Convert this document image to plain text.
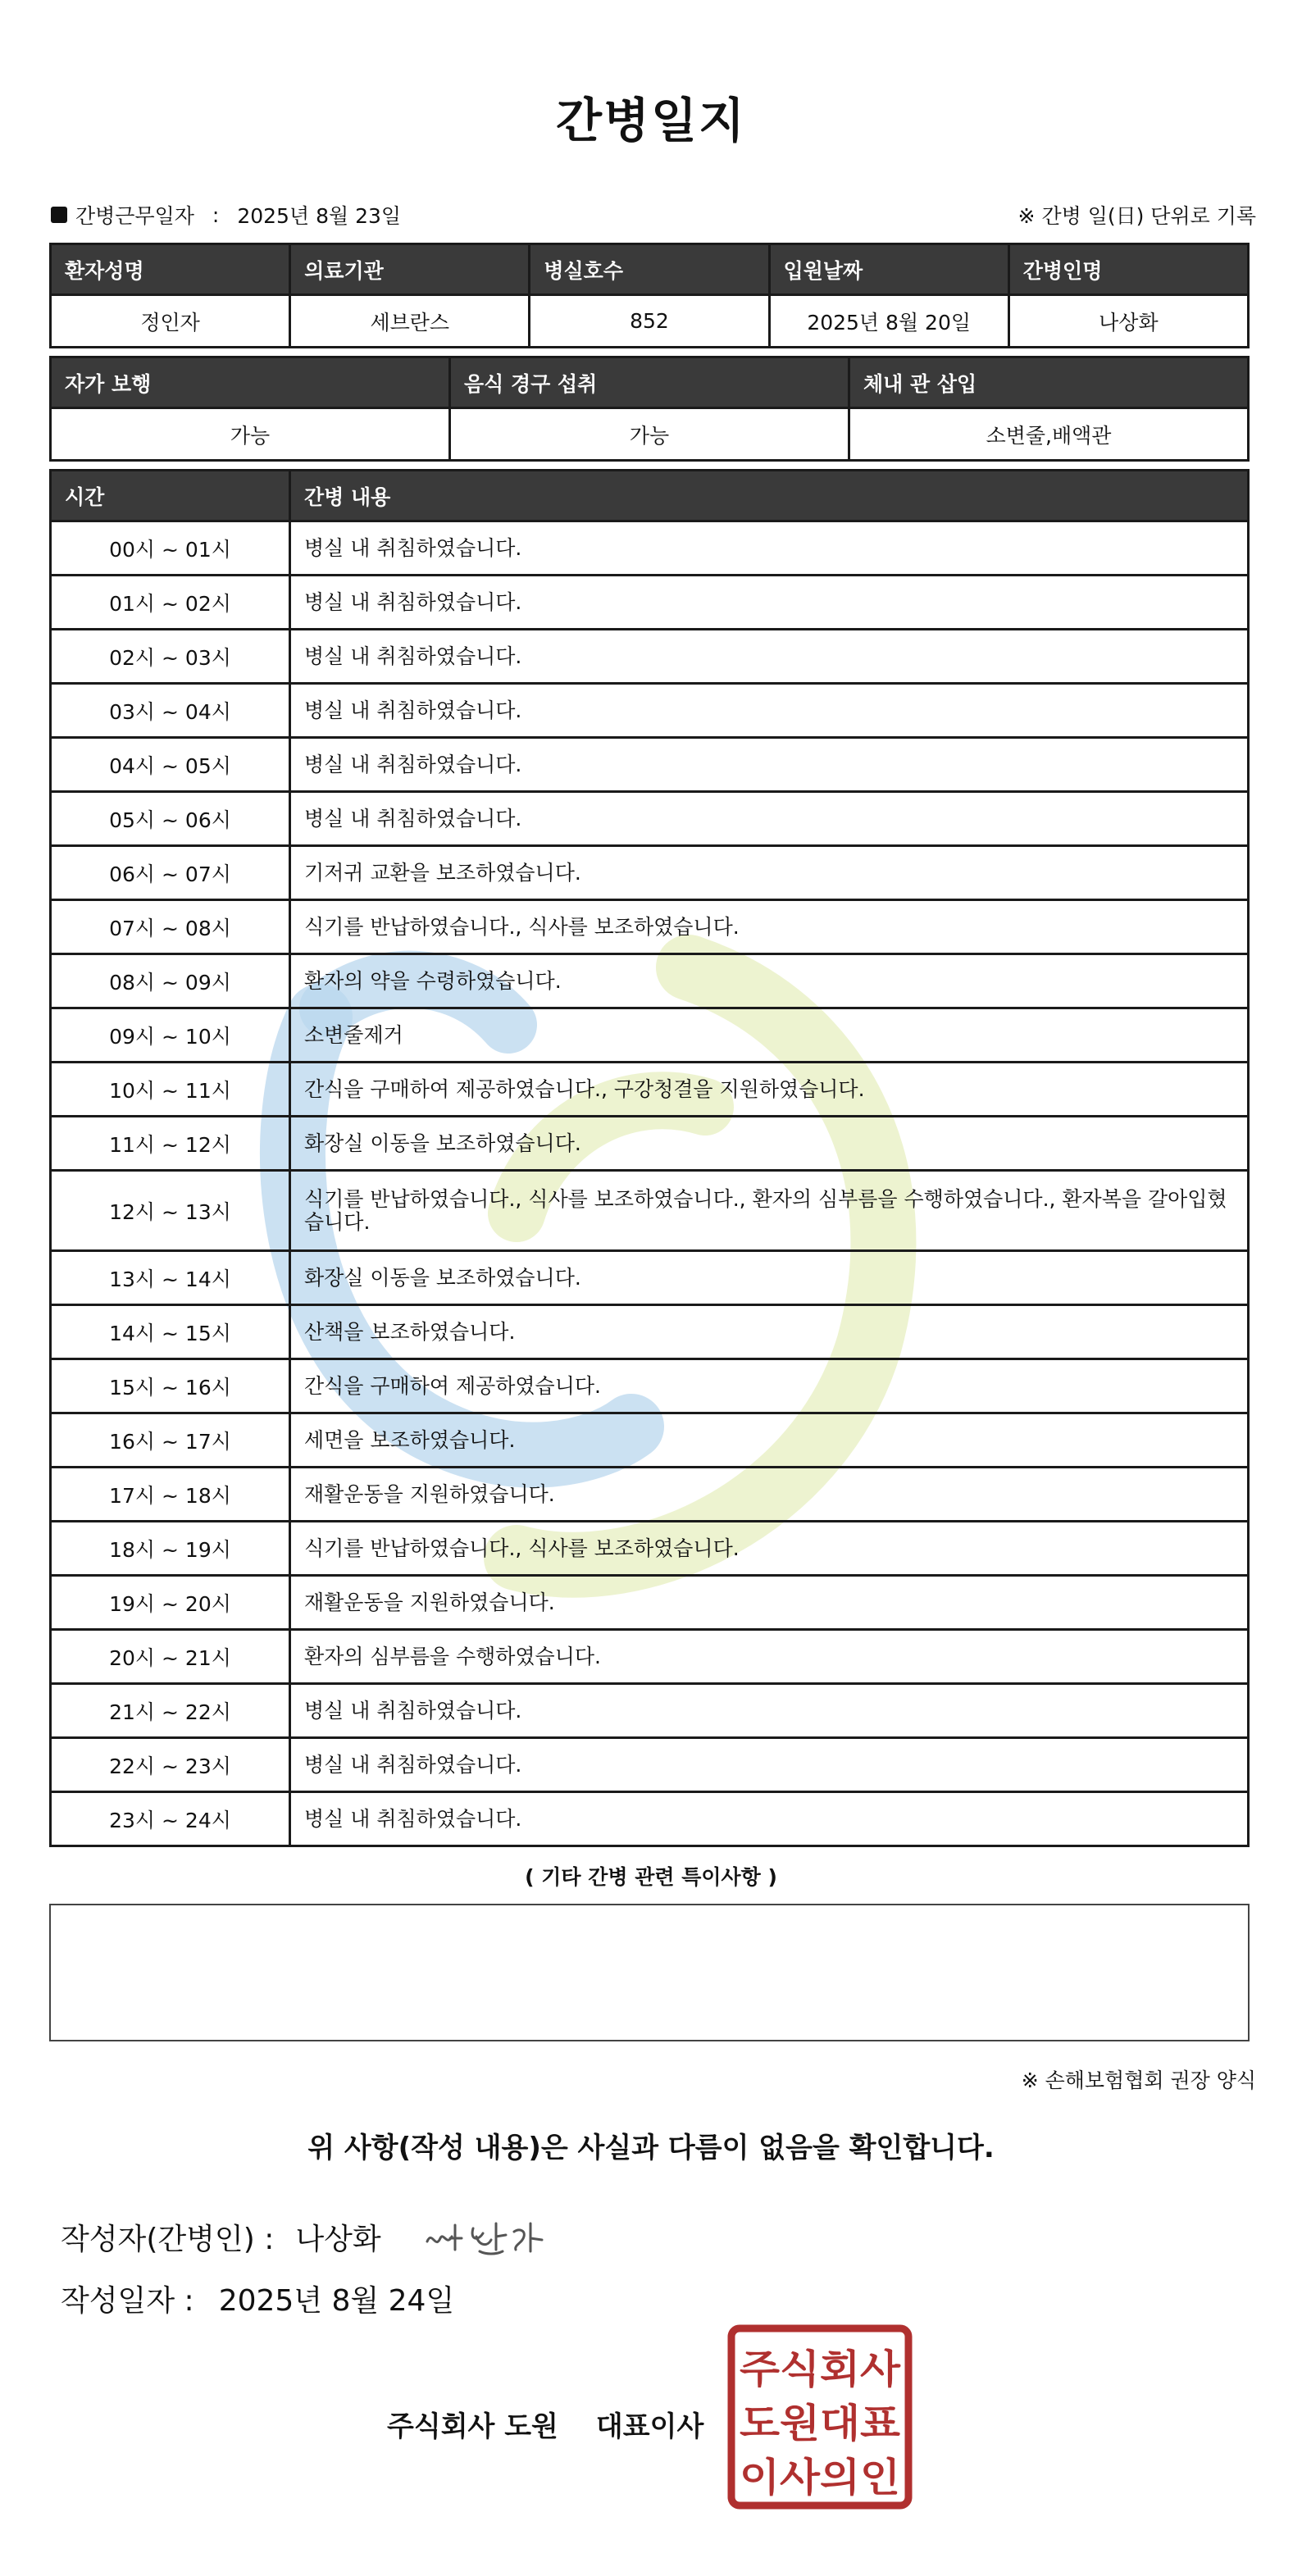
간병일지
간병근무일자 : 2025년 8월 23일	※ 간병 일(日) 단위로 기록
환자성명	의료기관	병실호수	입원날짜	간병인명
정인자	세브란스	852	2025년 8월 20일	나상화
자가 보행	음식 경구 섭취	체내 관 삽입
가능	가능	소변줄,배액관
시간	간병 내용
00시 ~ 01시	병실 내 취침하였습니다.
01시 ~ 02시	병실 내 취침하였습니다.
02시 ~ 03시	병실 내 취침하였습니다.
03시 ~ 04시	병실 내 취침하였습니다.
04시 ~ 05시	병실 내 취침하였습니다.
05시 ~ 06시	병실 내 취침하였습니다.
06시 ~ 07시	기저귀 교환을 보조하였습니다.
07시 ~ 08시	식기를 반납하였습니다., 식사를 보조하였습니다.
08시 ~ 09시	환자의 약을 수령하였습니다.
09시 ~ 10시	소변줄제거
10시 ~ 11시	간식을 구매하여 제공하였습니다., 구강청결을 지원하였습니다.
11시 ~ 12시	화장실 이동을 보조하였습니다.
12시 ~ 13시	식기를 반납하였습니다., 식사를 보조하였습니다., 환자의 심부름을 수행하였습니다., 환자복을 갈아입혔습니다.
13시 ~ 14시	화장실 이동을 보조하였습니다.
14시 ~ 15시	산책을 보조하였습니다.
15시 ~ 16시	간식을 구매하여 제공하였습니다.
16시 ~ 17시	세면을 보조하였습니다.
17시 ~ 18시	재활운동을 지원하였습니다.
18시 ~ 19시	식기를 반납하였습니다., 식사를 보조하였습니다.
19시 ~ 20시	재활운동을 지원하였습니다.
20시 ~ 21시	환자의 심부름을 수행하였습니다.
21시 ~ 22시	병실 내 취침하였습니다.
22시 ~ 23시	병실 내 취침하였습니다.
23시 ~ 24시	병실 내 취침하였습니다.
( 기타 간병 관련 특이사항 )
※ 손해보험협회 권장 양식
위 사항(작성 내용)은 사실과 다름이 없음을 확인합니다.
작성자(간병인) : 나상화
작성일자 : 2025년 8월 24일
주식회사 도원 대표이사
주식회사
도원대표
이사의인
